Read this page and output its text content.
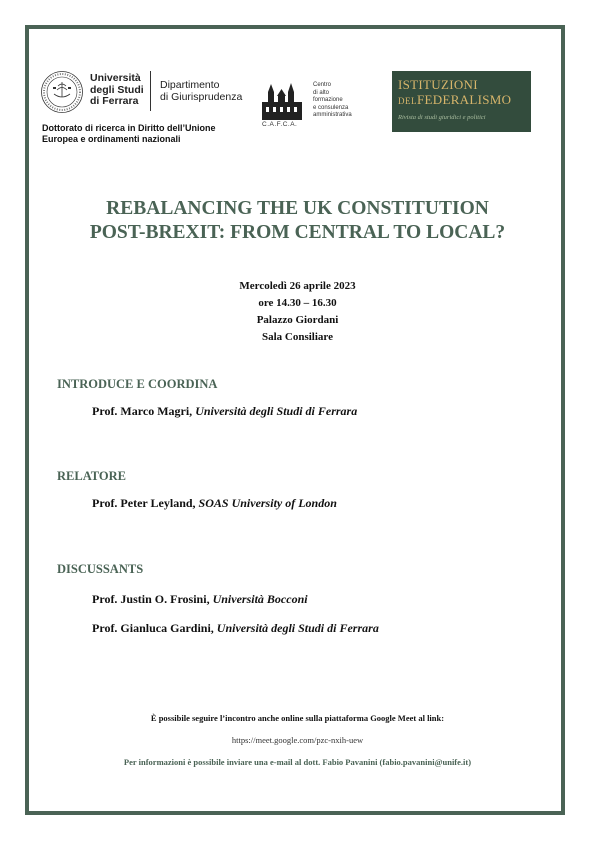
Università
degli Studi
di Ferrara
Dipartimento
di Giurisprudenza
Dottorato di ricerca in Diritto dell’Unione
Europea e ordinamenti nazionali
Centro
di alto
formazione
e consulenza
amministrativa
C.A.F.C.A.
ISTITUZIONI
DELFEDERALISMO
Rivista di studi giuridici e politici
REBALANCING THE UK CONSTITUTION
POST-BREXIT: FROM CENTRAL TO LOCAL?
Mercoledì 26 aprile 2023
ore 14.30 – 16.30
Palazzo Giordani
Sala Consiliare
INTRODUCE E COORDINA
Prof. Marco Magri, Università degli Studi di Ferrara
RELATORE
Prof. Peter Leyland, SOAS University of London
DISCUSSANTS
Prof. Justin O. Frosini, Università Bocconi
Prof. Gianluca Gardini, Università degli Studi di Ferrara
È possibile seguire l’incontro anche online sulla piattaforma Google Meet al link:
https://meet.google.com/pzc-nxih-uew
Per informazioni è possibile inviare una e-mail al dott. Fabio Pavanini (fabio.pavanini@unife.it)
